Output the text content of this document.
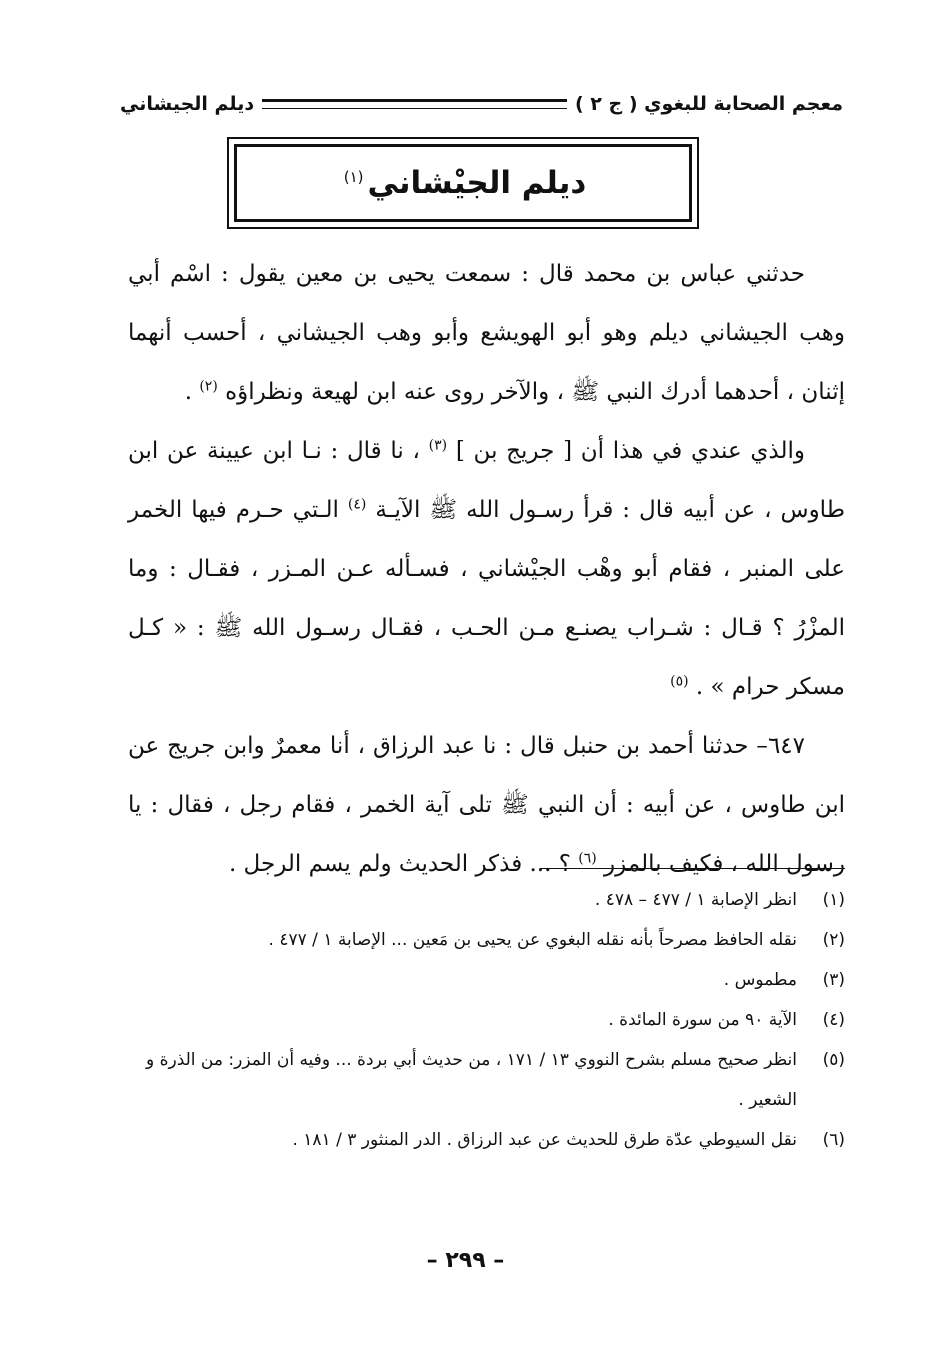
معجم الصحابة للبغوي ( ج ٢ )
ديلم الجيشاني
ديلم الجيْشاني$^{(١)}$

حدثني عباس بن محمد قال : سمعت يحيى بن معين يقول : اسْم أبي وهب الجيشاني ديلم وهو أبو الهويشع وأبو وهب الجيشاني ، أحسب أنهما إثنان ، أحدهما أدرك النبي ﷺ ، والآخر روى عنه ابن لهيعة ونظراؤه $^{(٢)}$ .

والذي عندي في هذا أن [ جريج بن ] $^{(٣)}$ ، نا قال : نـا ابن عيينة عن ابن طاوس ، عن أبيه قال : قرأ رسـول الله ﷺ الآيـة $^{(٤)}$ الـتي حـرم فيها الخمر على المنبر ، فقام أبو وهْب الجيْشاني ، فسـأله عـن المـزر ، فقـال : وما المزْرُ ؟ قـال : شـراب يصنـع مـن الحـب ، فقـال رسـول الله ﷺ : « كـل مسكر حرام » . $^{(٥)}$

٦٤٧– حدثنا أحمد بن حنبل قال : نا عبد الرزاق ، أنا معمرٌ وابن جريج عن ابن طاوس ، عن أبيه : أن النبي ﷺ تلى آية الخمر ، فقام رجل ، فقال : يا رسول الله ، فكيف بالمزر $^{(٦)}$ ؟ ... فذكر الحديث ولم يسم الرجل .

(١)
انظر الإصابة ١ / ٤٧٧ – ٤٧٨ .
(٢)
نقله الحافظ مصرحاً بأنه نقله البغوي عن يحيى بن مَعين ... الإصابة ١ / ٤٧٧ .
(٣)
مطموس .
(٤)
الآية ٩٠ من سورة المائدة .
(٥)
انظر صحيح مسلم بشرح النووي ١٣ / ١٧١ ، من حديث أبي بردة ... وفيه أن المزر: من الذرة و الشعير .
(٦)
نقل السيوطي عدّة طرق للحديث عن عبد الرزاق . الدر المنثور ٣ / ١٨١ .
– ٢٩٩ –
